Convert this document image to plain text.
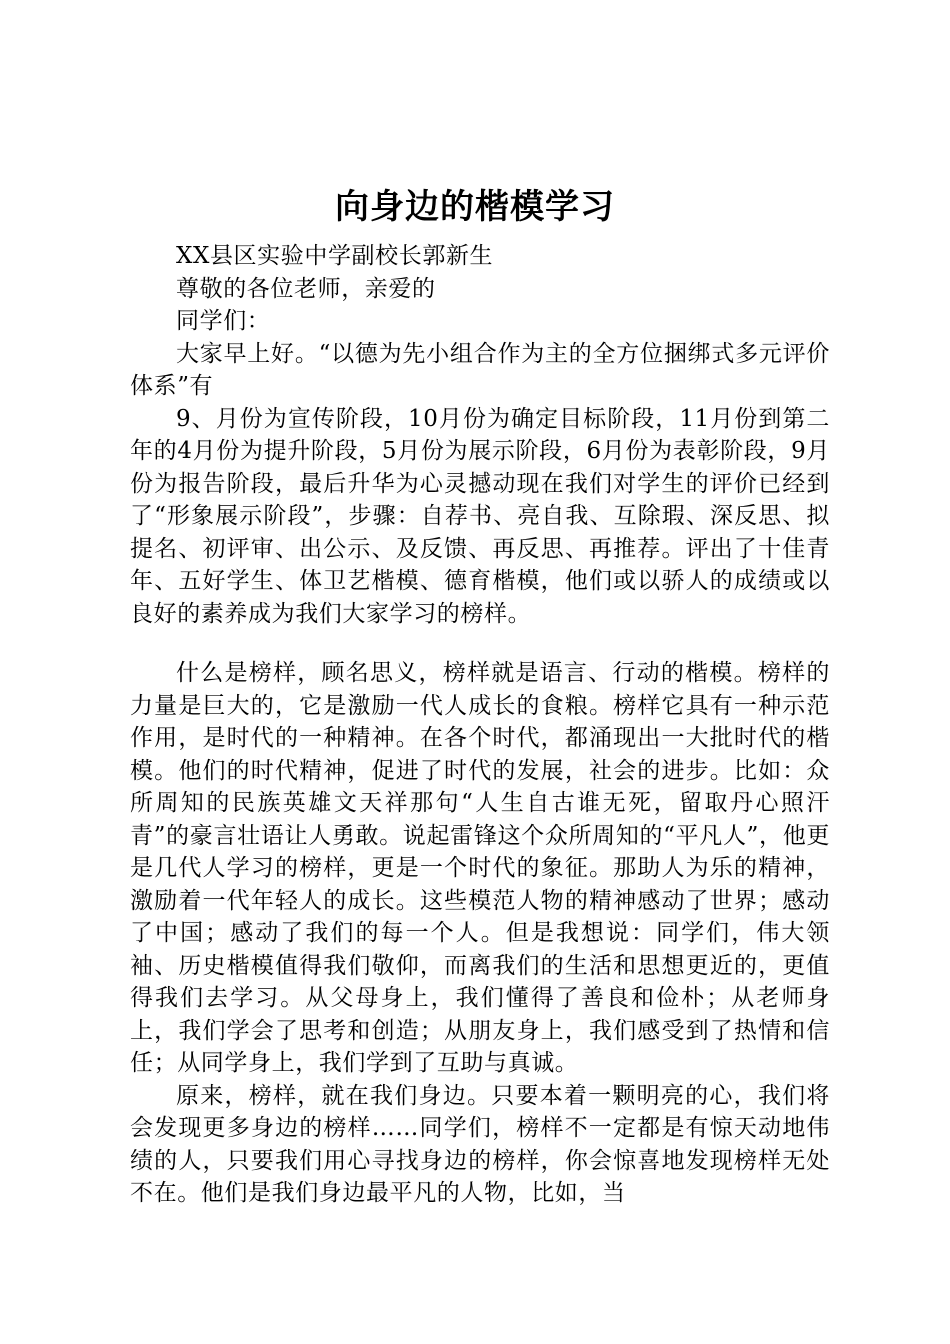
向身边的楷模学习

XX县区实验中学副校长郭新生

尊敬的各位老师，亲爱的

同学们：

大家早上好。“以德为先小组合作为主的全方位捆绑式多元评价体系”有

9、月份为宣传阶段，10月份为确定目标阶段，11月份到第二年的4月份为提升阶段，5月份为展示阶段，6月份为表彰阶段，9月份为报告阶段，最后升华为心灵撼动现在我们对学生的评价已经到了“形象展示阶段”，步骤：自荐书、亮自我、互除瑕、深反思、拟提名、初评审、出公示、及反馈、再反思、再推荐。评出了十佳青年、五好学生、体卫艺楷模、德育楷模，他们或以骄人的成绩或以良好的素养成为我们大家学习的榜样。

什么是榜样，顾名思义，榜样就是语言、行动的楷模。榜样的力量是巨大的，它是激励一代人成长的食粮。榜样它具有一种示范作用，是时代的一种精神。在各个时代，都涌现出一大批时代的楷模。他们的时代精神，促进了时代的发展，社会的进步。比如：众所周知的民族英雄文天祥那句“人生自古谁无死，留取丹心照汗青”的豪言壮语让人勇敢。说起雷锋这个众所周知的“平凡人”，他更是几代人学习的榜样，更是一个时代的象征。那助人为乐的精神，激励着一代年轻人的成长。这些模范人物的精神感动了世界；感动了中国；感动了我们的每一个人。但是我想说：同学们，伟大领袖、历史楷模值得我们敬仰，而离我们的生活和思想更近的，更值得我们去学习。从父母身上，我们懂得了善良和俭朴；从老师身上，我们学会了思考和创造；从朋友身上，我们感受到了热情和信任；从同学身上，我们学到了互助与真诚。

原来，榜样，就在我们身边。只要本着一颗明亮的心，我们将会发现更多身边的榜样……同学们，榜样不一定都是有惊天动地伟绩的人，只要我们用心寻找身边的榜样，你会惊喜地发现榜样无处不在。他们是我们身边最平凡的人物，比如，当
